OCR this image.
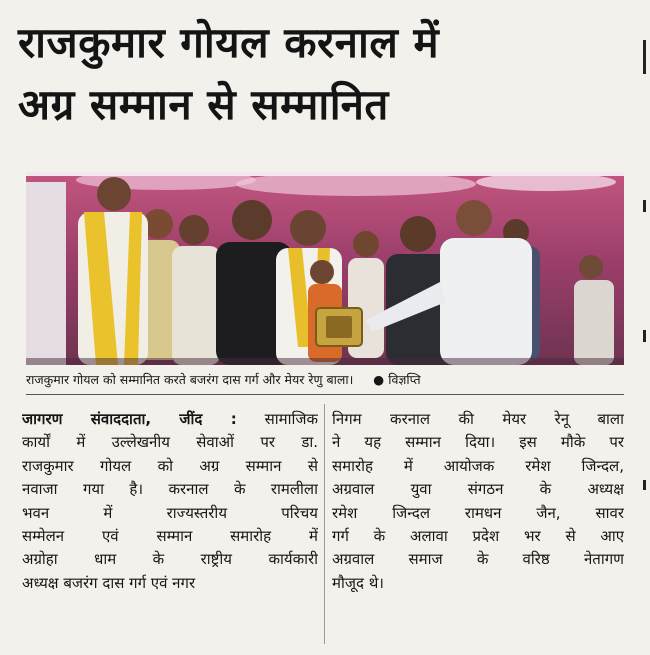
राजकुमार गोयल करनाल में
अग्र सम्मान से सम्मानित
राजकुमार गोयल को सम्मानित करते बजरंग दास गर्ग और मेयर रेणु बाला। ● विज्ञप्ति
जागरण संवाददाता, जींद : सामाजिक
कार्यों में उल्लेखनीय सेवाओं पर डा.
राजकुमार गोयल को अग्र सम्मान से
नवाजा गया है। करनाल के रामलीला
भवन में राज्यस्तरीय परिचय
सम्मेलन एवं सम्मान समारोह में
अग्रोहा धाम के राष्ट्रीय कार्यकारी
अध्यक्ष बजरंग दास गर्ग एवं नगर
निगम करनाल की मेयर रेनू बाला
ने यह सम्मान दिया। इस मौके पर
समारोह में आयोजक रमेश जिन्दल,
अग्रवाल युवा संगठन के अध्यक्ष
रमेश जिन्दल रामधन जैन, सावर
गर्ग के अलावा प्रदेश भर से आए
अग्रवाल समाज के वरिष्ठ नेतागण
मौजूद थे।
